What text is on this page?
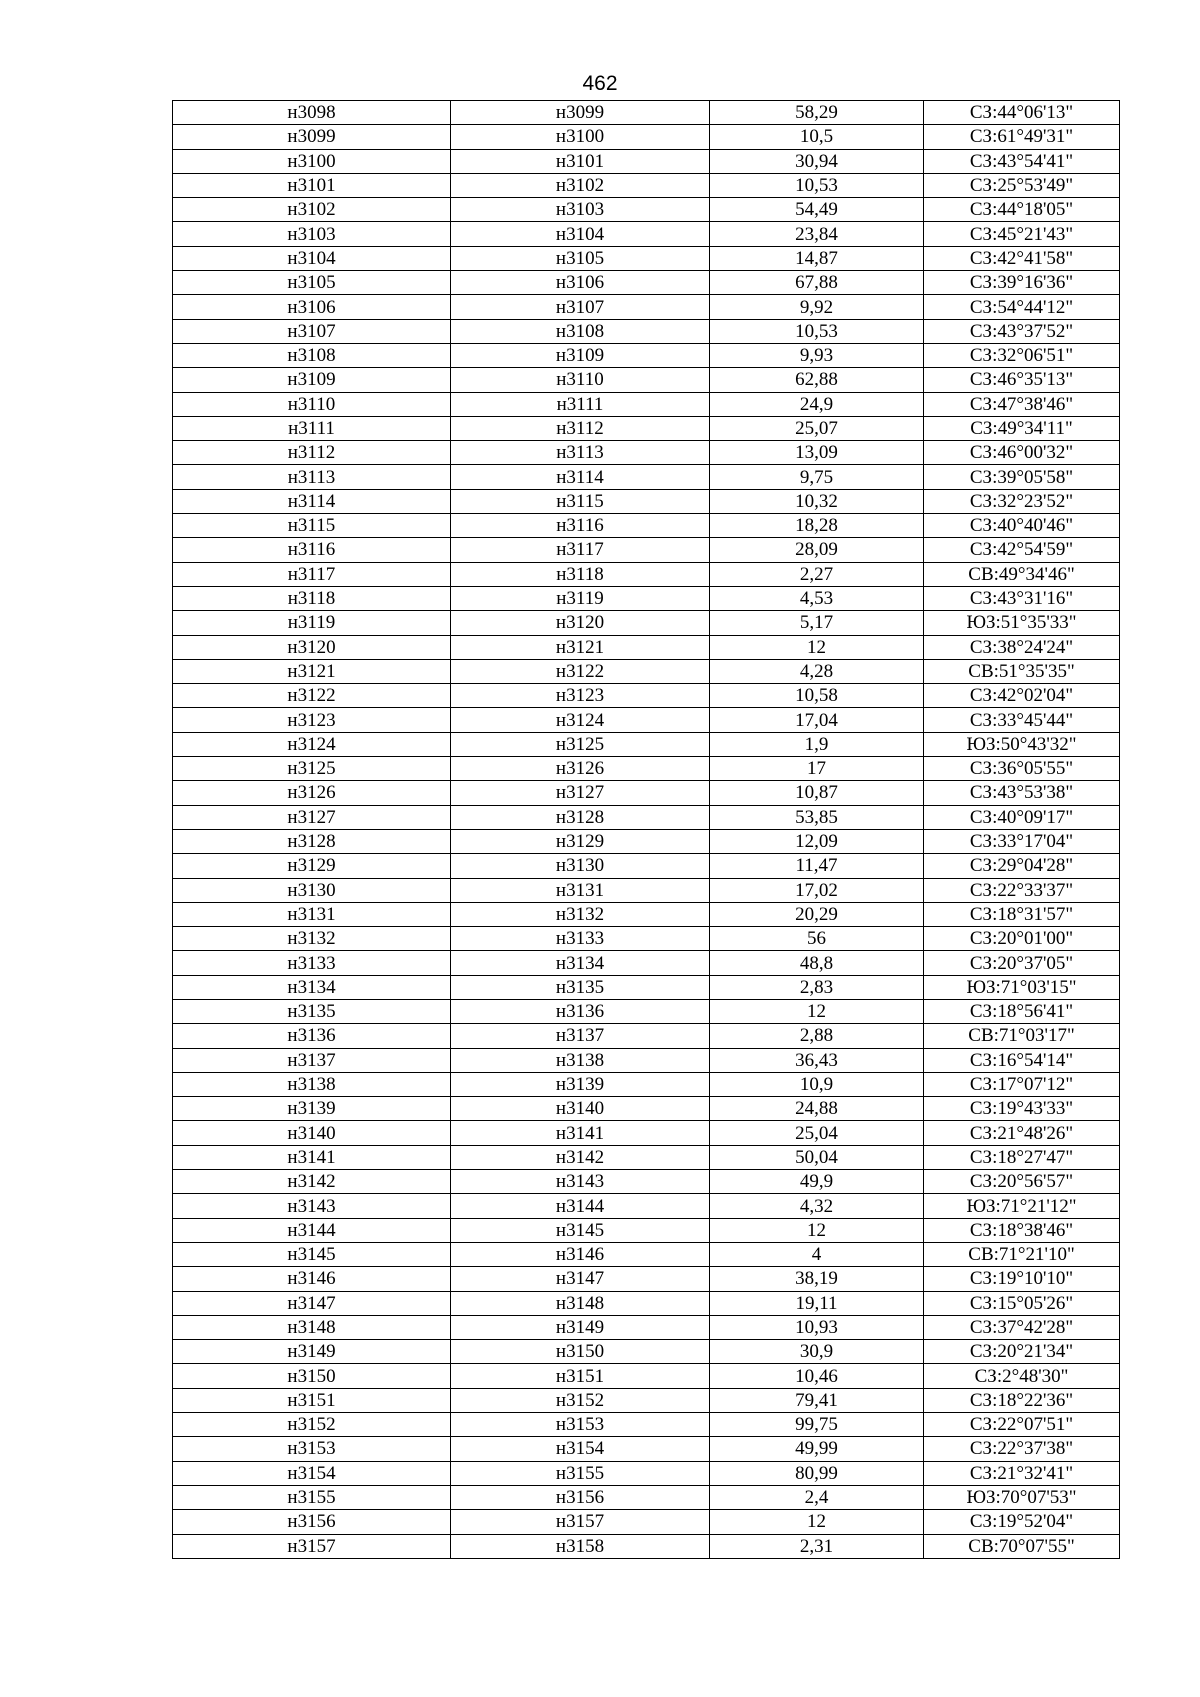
462
н3098	н3099	58,29	СЗ:44°06'13"
н3099	н3100	10,5	СЗ:61°49'31"
н3100	н3101	30,94	СЗ:43°54'41"
н3101	н3102	10,53	СЗ:25°53'49"
н3102	н3103	54,49	СЗ:44°18'05"
н3103	н3104	23,84	СЗ:45°21'43"
н3104	н3105	14,87	СЗ:42°41'58"
н3105	н3106	67,88	СЗ:39°16'36"
н3106	н3107	9,92	СЗ:54°44'12"
н3107	н3108	10,53	СЗ:43°37'52"
н3108	н3109	9,93	СЗ:32°06'51"
н3109	н3110	62,88	СЗ:46°35'13"
н3110	н3111	24,9	СЗ:47°38'46"
н3111	н3112	25,07	СЗ:49°34'11"
н3112	н3113	13,09	СЗ:46°00'32"
н3113	н3114	9,75	СЗ:39°05'58"
н3114	н3115	10,32	СЗ:32°23'52"
н3115	н3116	18,28	СЗ:40°40'46"
н3116	н3117	28,09	СЗ:42°54'59"
н3117	н3118	2,27	СВ:49°34'46"
н3118	н3119	4,53	СЗ:43°31'16"
н3119	н3120	5,17	ЮЗ:51°35'33"
н3120	н3121	12	СЗ:38°24'24"
н3121	н3122	4,28	СВ:51°35'35"
н3122	н3123	10,58	СЗ:42°02'04"
н3123	н3124	17,04	СЗ:33°45'44"
н3124	н3125	1,9	ЮЗ:50°43'32"
н3125	н3126	17	СЗ:36°05'55"
н3126	н3127	10,87	СЗ:43°53'38"
н3127	н3128	53,85	СЗ:40°09'17"
н3128	н3129	12,09	СЗ:33°17'04"
н3129	н3130	11,47	СЗ:29°04'28"
н3130	н3131	17,02	СЗ:22°33'37"
н3131	н3132	20,29	СЗ:18°31'57"
н3132	н3133	56	СЗ:20°01'00"
н3133	н3134	48,8	СЗ:20°37'05"
н3134	н3135	2,83	ЮЗ:71°03'15"
н3135	н3136	12	СЗ:18°56'41"
н3136	н3137	2,88	СВ:71°03'17"
н3137	н3138	36,43	СЗ:16°54'14"
н3138	н3139	10,9	СЗ:17°07'12"
н3139	н3140	24,88	СЗ:19°43'33"
н3140	н3141	25,04	СЗ:21°48'26"
н3141	н3142	50,04	СЗ:18°27'47"
н3142	н3143	49,9	СЗ:20°56'57"
н3143	н3144	4,32	ЮЗ:71°21'12"
н3144	н3145	12	СЗ:18°38'46"
н3145	н3146	4	СВ:71°21'10"
н3146	н3147	38,19	СЗ:19°10'10"
н3147	н3148	19,11	СЗ:15°05'26"
н3148	н3149	10,93	СЗ:37°42'28"
н3149	н3150	30,9	СЗ:20°21'34"
н3150	н3151	10,46	СЗ:2°48'30"
н3151	н3152	79,41	СЗ:18°22'36"
н3152	н3153	99,75	СЗ:22°07'51"
н3153	н3154	49,99	СЗ:22°37'38"
н3154	н3155	80,99	СЗ:21°32'41"
н3155	н3156	2,4	ЮЗ:70°07'53"
н3156	н3157	12	СЗ:19°52'04"
н3157	н3158	2,31	СВ:70°07'55"
